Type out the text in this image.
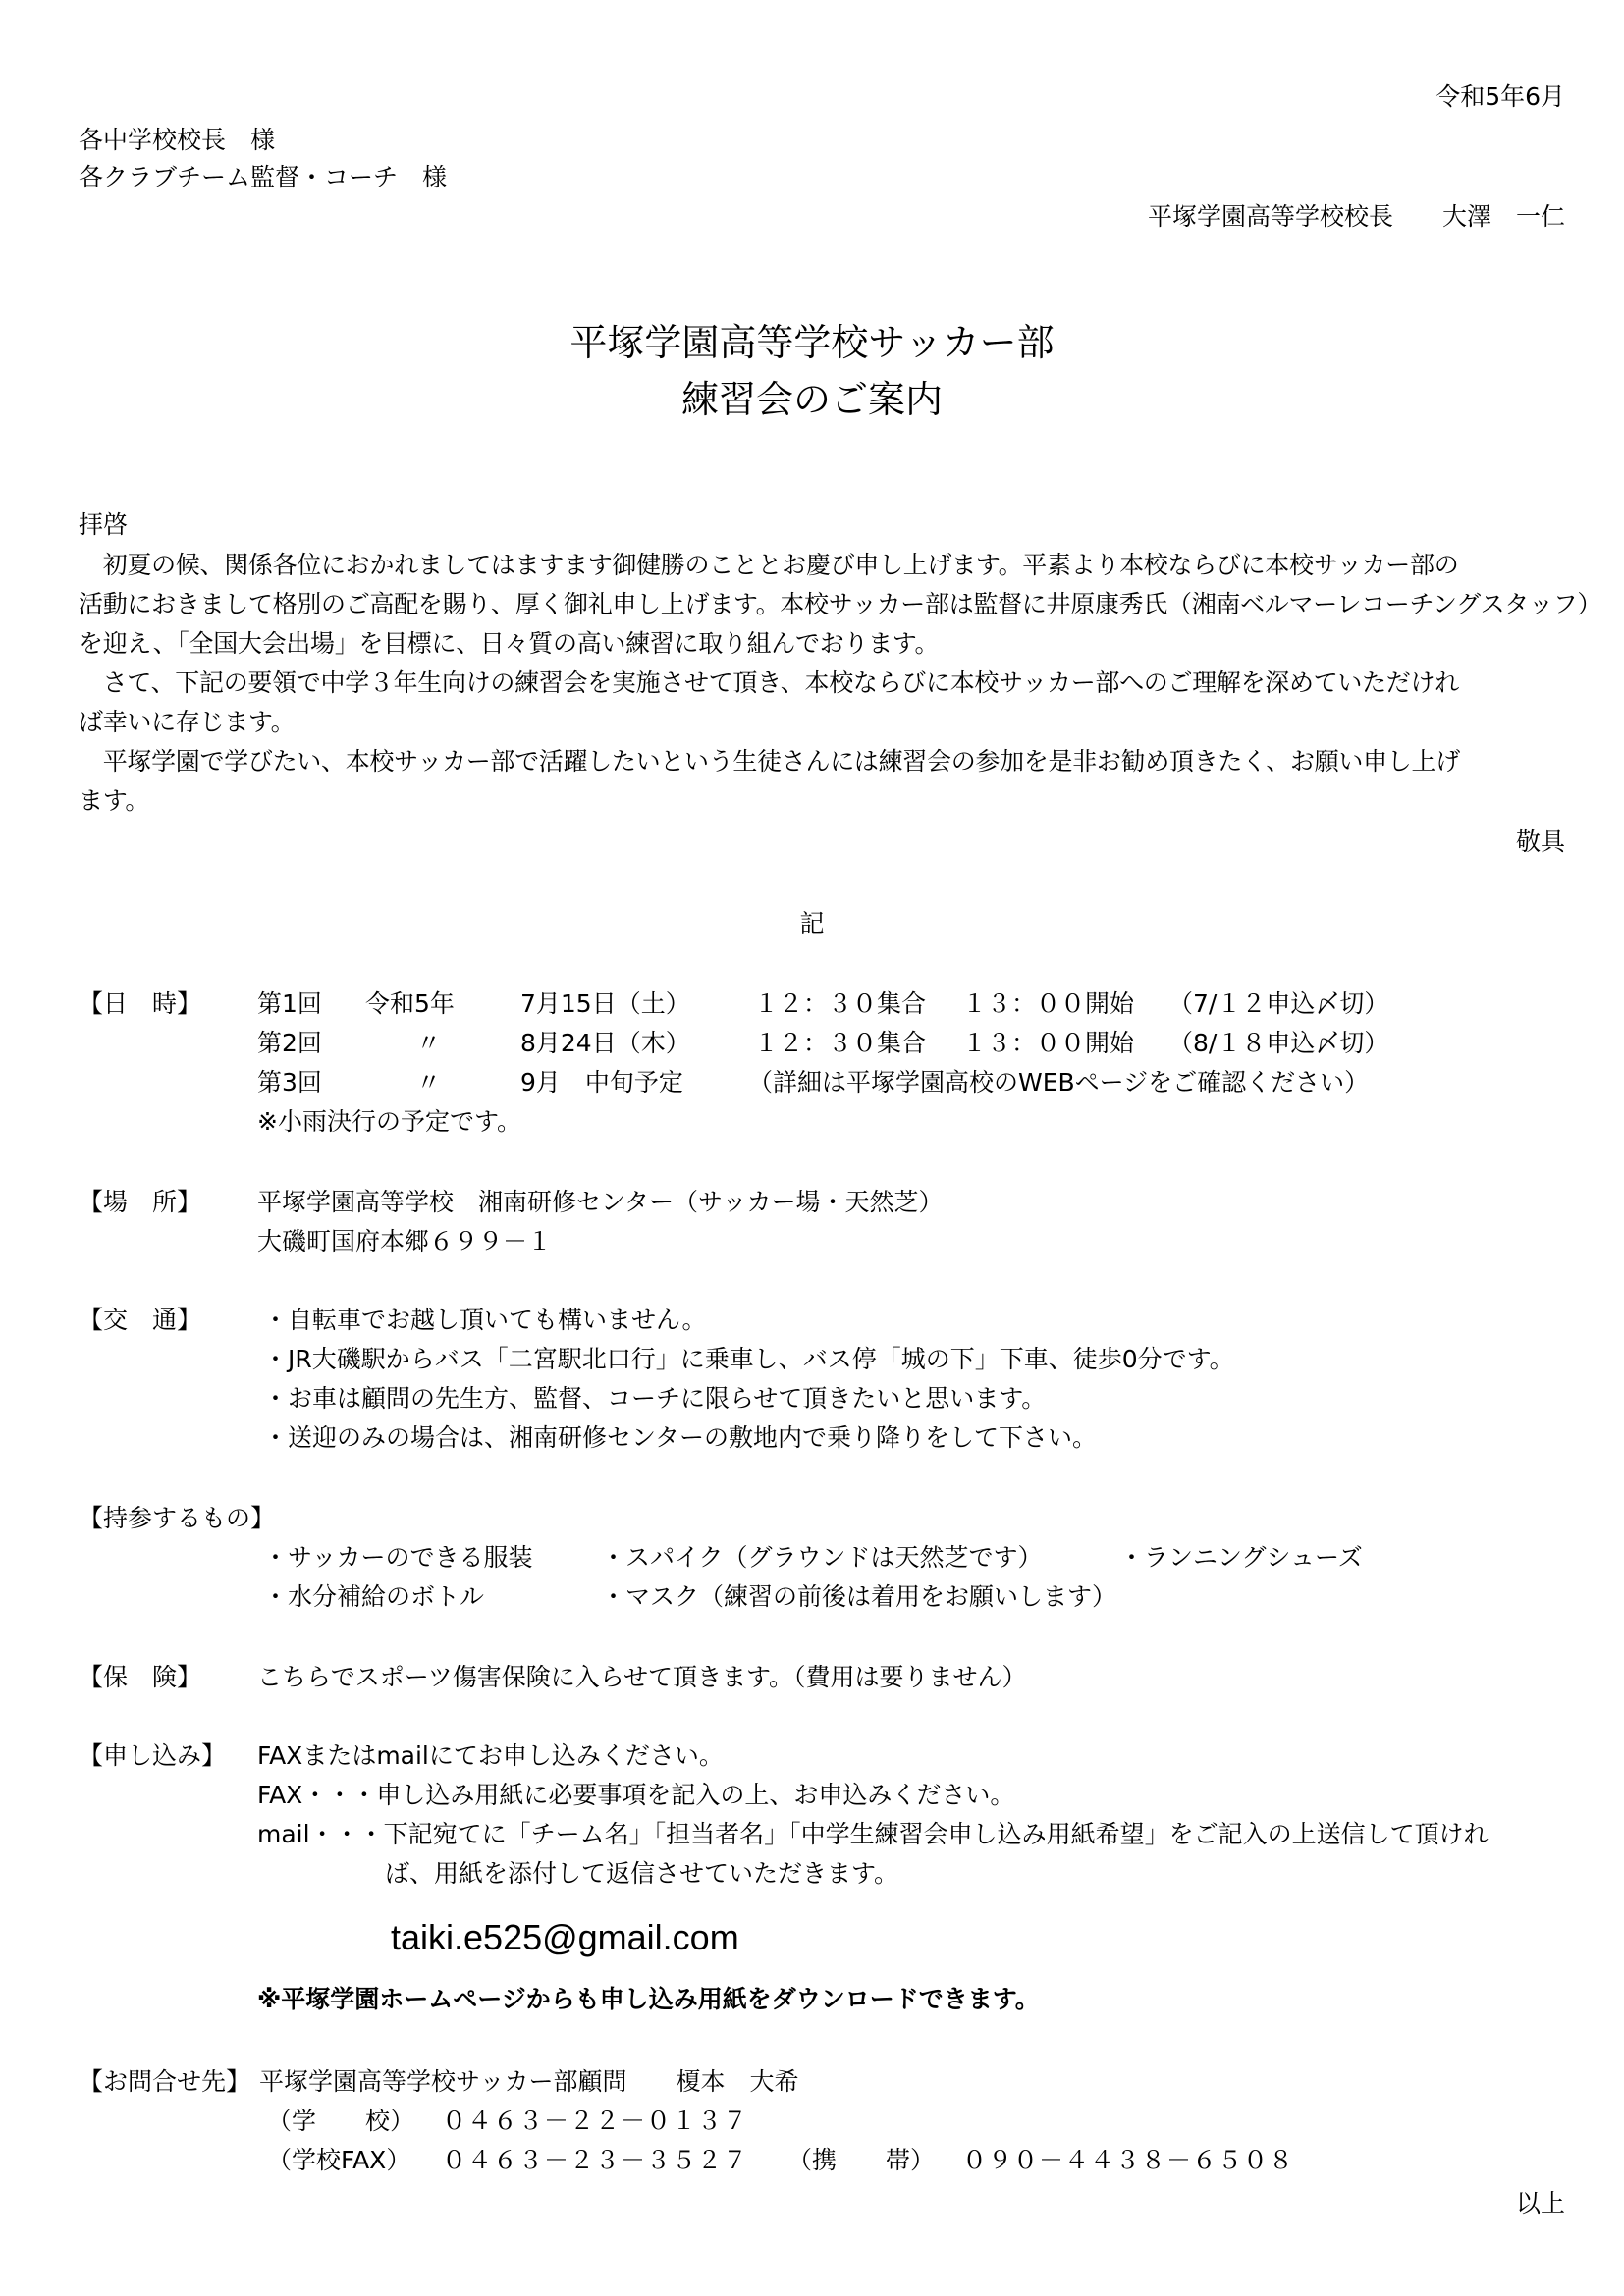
令和5年6月
各中学校校長　様
各クラブチーム監督・コーチ　様
平塚学園高等学校校長　　大澤　一仁
平塚学園高等学校サッカー部
練習会のご案内
拝啓
　初夏の候、関係各位におかれましてはますます御健勝のこととお慶び申し上げます。平素より本校ならびに本校サッカー部の
活動におきまして格別のご高配を賜り、厚く御礼申し上げます。本校サッカー部は監督に井原康秀氏（湘南ベルマーレコーチングスタッフ）
を迎え、「全国大会出場」を目標に、日々質の高い練習に取り組んでおります。
　さて、下記の要領で中学３年生向けの練習会を実施させて頂き、本校ならびに本校サッカー部へのご理解を深めていただけれ
ば幸いに存じます。
　平塚学園で学びたい、本校サッカー部で活躍したいという生徒さんには練習会の参加を是非お勧め頂きたく、お願い申し上げ
ます。
敬具
記
【日　時】 第1回 令和5年	7月15日（土）	１２：３０集合 １３：００開始 （7/１２申込〆切）
第2回	〃	8月24日（木）	１２：３０集合 １３：００開始 （8/１８申込〆切）
第3回	〃	9月　中旬予定	（詳細は平塚学園高校のWEBページをご確認ください）
※小雨決行の予定です。
【場　所】 平塚学園高等学校　湘南研修センター（サッカー場・天然芝）
大磯町国府本郷６９９－１
【交　通】	・自転車でお越し頂いても構いません。
・JR大磯駅からバス「二宮駅北口行」に乗車し、バス停「城の下」下車、徒歩0分です。
・お車は顧問の先生方、監督、コーチに限らせて頂きたいと思います。
・送迎のみの場合は、湘南研修センターの敷地内で乗り降りをして下さい。
【持参するもの】
・サッカーのできる服装	・スパイク（グラウンドは天然芝です）	・ランニングシューズ
・水分補給のボトル	・マスク（練習の前後は着用をお願いします）
【保　険】 こちらでスポーツ傷害保険に入らせて頂きます。（費用は要りません）
【申し込み】 FAXまたはmailにてお申し込みください。
FAX・・・申し込み用紙に必要事項を記入の上、お申込みください。
mail・・・下記宛てに「チーム名」「担当者名」「中学生練習会申し込み用紙希望」をご記入の上送信して頂けれ
ば、用紙を添付して返信させていただきます。
taiki.e525@gmail.com
※平塚学園ホームページからも申し込み用紙をダウンロードできます。
【お問合せ先】 平塚学園高等学校サッカー部顧問　　榎本　大希
（学　　校） ０４６３－２２－０１３７
（学校FAX） ０４６３－２３－３５２７ （携　　帯） ０９０－４４３８－６５０８
以上
